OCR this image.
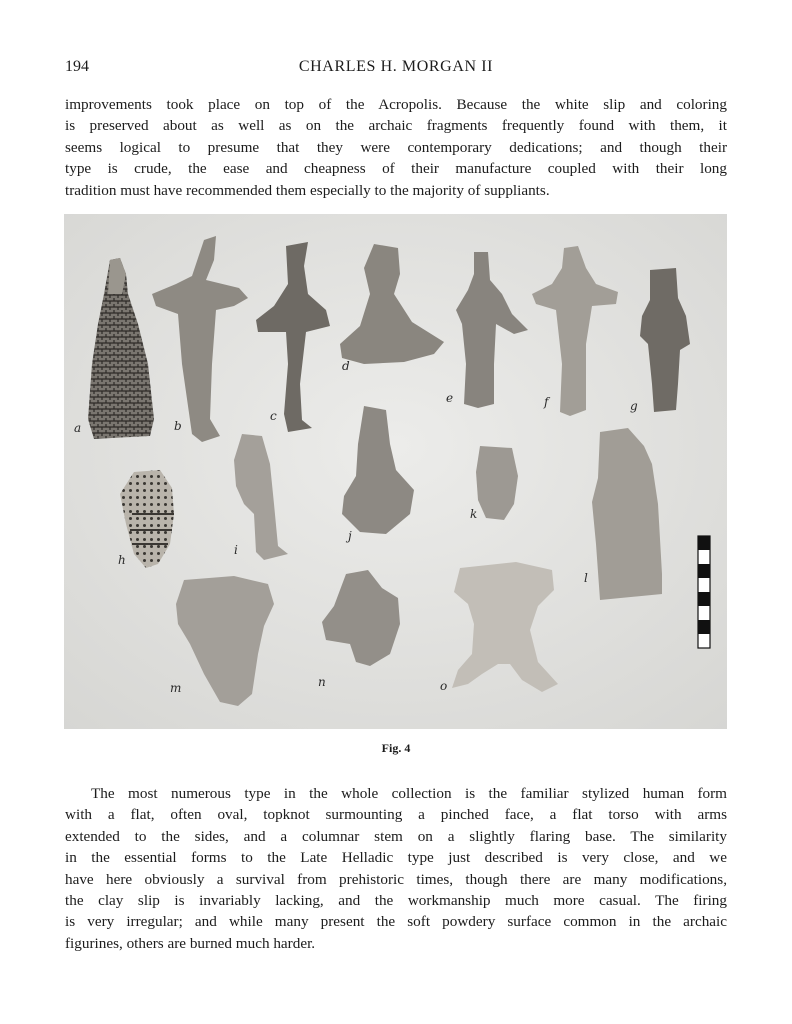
194	CHARLES H. MORGAN II

improvements took place on top of the Acropolis. Because the white slip and coloring
is preserved about as well as on the archaic fragments frequently found with them, it
seems logical to presume that they were contemporary dedications; and though their
type is crude, the ease and cheapness of their manufacture coupled with their long
tradition must have recommended them especially to the majority of suppliants.

a	b
c
d
e	f	g
h
i
j
k
l
m	n	o
Fig. 4

The most numerous type in the whole collection is the familiar stylized human form
with a flat, often oval, topknot surmounting a pinched face, a flat torso with arms
extended to the sides, and a columnar stem on a slightly flaring base. The similarity
in the essential forms to the Late Helladic type just described is very close, and we
have here obviously a survival from prehistoric times, though there are many modifications,
the clay slip is invariably lacking, and the workmanship much more casual. The firing
is very irregular; and while many present the soft powdery surface common in the archaic
figurines, others are burned much harder.
